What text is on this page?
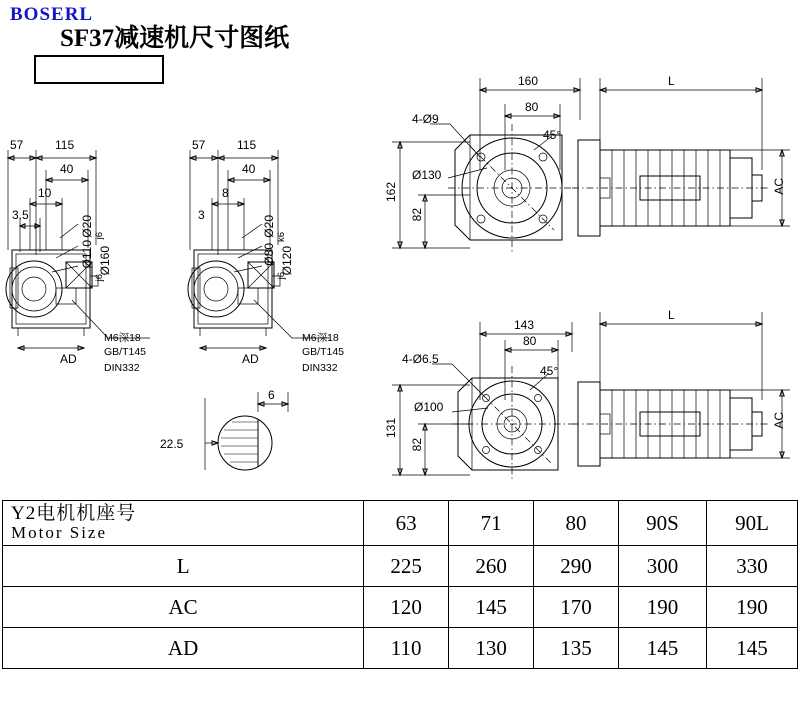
SF37减速机尺寸图纸
BOSERL
57	115
40
10
3.5	Ø20 j6
Ø110
j6
Ø160
AD
M6深18
GB/T145
DIN332
57	115
40
8
3	Ø20 k6
Ø80
j6
Ø120
AD
M6深18
GB/T145
DIN332
6
22.5
160
80
45°
4-Ø9
Ø130
162
82
L
AC
143
80
45°
4-Ø6.5
Ø100
131
82
L
AC
Y2电机机座号
Motor Size	63	71	80	90S	90L
L	225	260	290	300	330
AC	120	145	170	190	190
AD	110	130	135	145	145
